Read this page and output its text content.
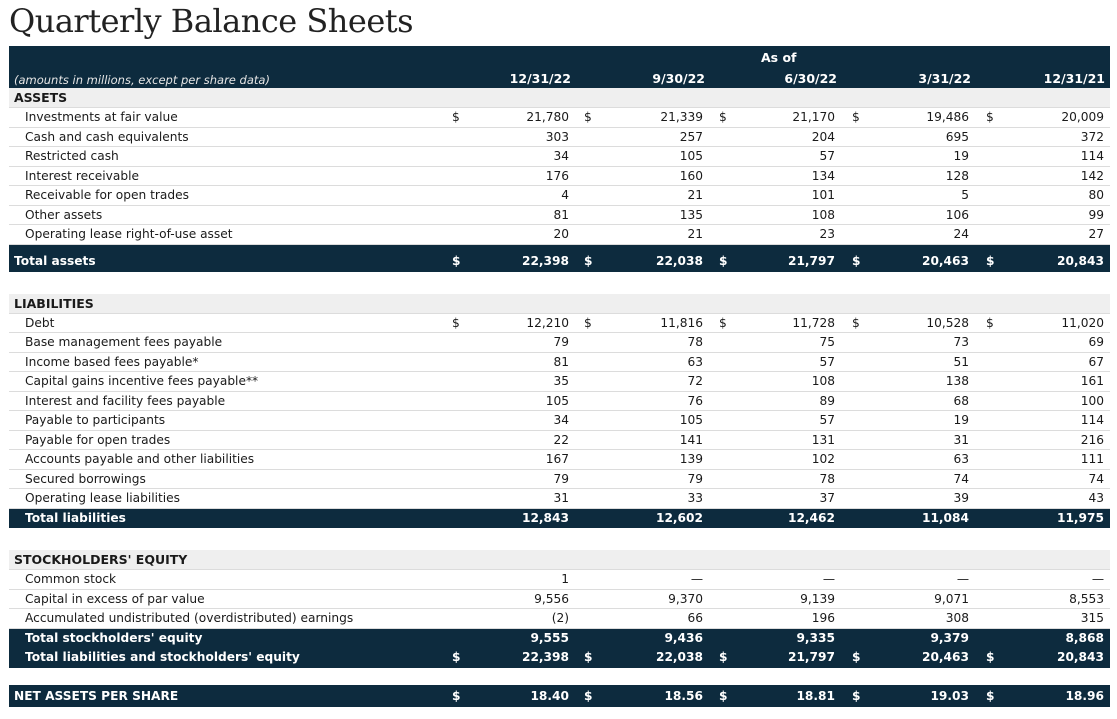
Quarterly Balance Sheets
(amounts in millions, except per share data)
As of
12/31/22	9/30/22	6/30/22	3/31/22	12/31/21
ASSETS
Investments at fair value	$	21,780 $	21,339 $	21,170 $	19,486 $	20,009
Cash and cash equivalents	303	257	204	695	372
Restricted cash	34	105	57	19	114
Interest receivable	176	160	134	128	142
Receivable for open trades	4	21	101	5	80
Other assets	81	135	108	106	99
Operating lease right-of-use asset	20	21	23	24	27
Total assets	$	22,398 $	22,038 $	21,797 $	20,463 $	20,843
LIABILITIES
Debt	$	12,210 $	11,816 $	11,728 $	10,528 $	11,020
Base management fees payable	79	78	75	73	69
Income based fees payable*	81	63	57	51	67
Capital gains incentive fees payable**	35	72	108	138	161
Interest and facility fees payable	105	76	89	68	100
Payable to participants	34	105	57	19	114
Payable for open trades	22	141	131	31	216
Accounts payable and other liabilities	167	139	102	63	111
Secured borrowings	79	79	78	74	74
Operating lease liabilities	31	33	37	39	43
Total liabilities	12,843	12,602	12,462	11,084	11,975
STOCKHOLDERS' EQUITY
Common stock	1	—	—	—	—
Capital in excess of par value	9,556	9,370	9,139	9,071	8,553
Accumulated undistributed (overdistributed) earnings	(2)	66	196	308	315
Total stockholders' equity	9,555	9,436	9,335	9,379	8,868
Total liabilities and stockholders' equity	$	22,398 $	22,038 $	21,797 $	20,463 $	20,843
NET ASSETS PER SHARE	$	18.40 $	18.56 $	18.81 $	19.03 $	18.96
